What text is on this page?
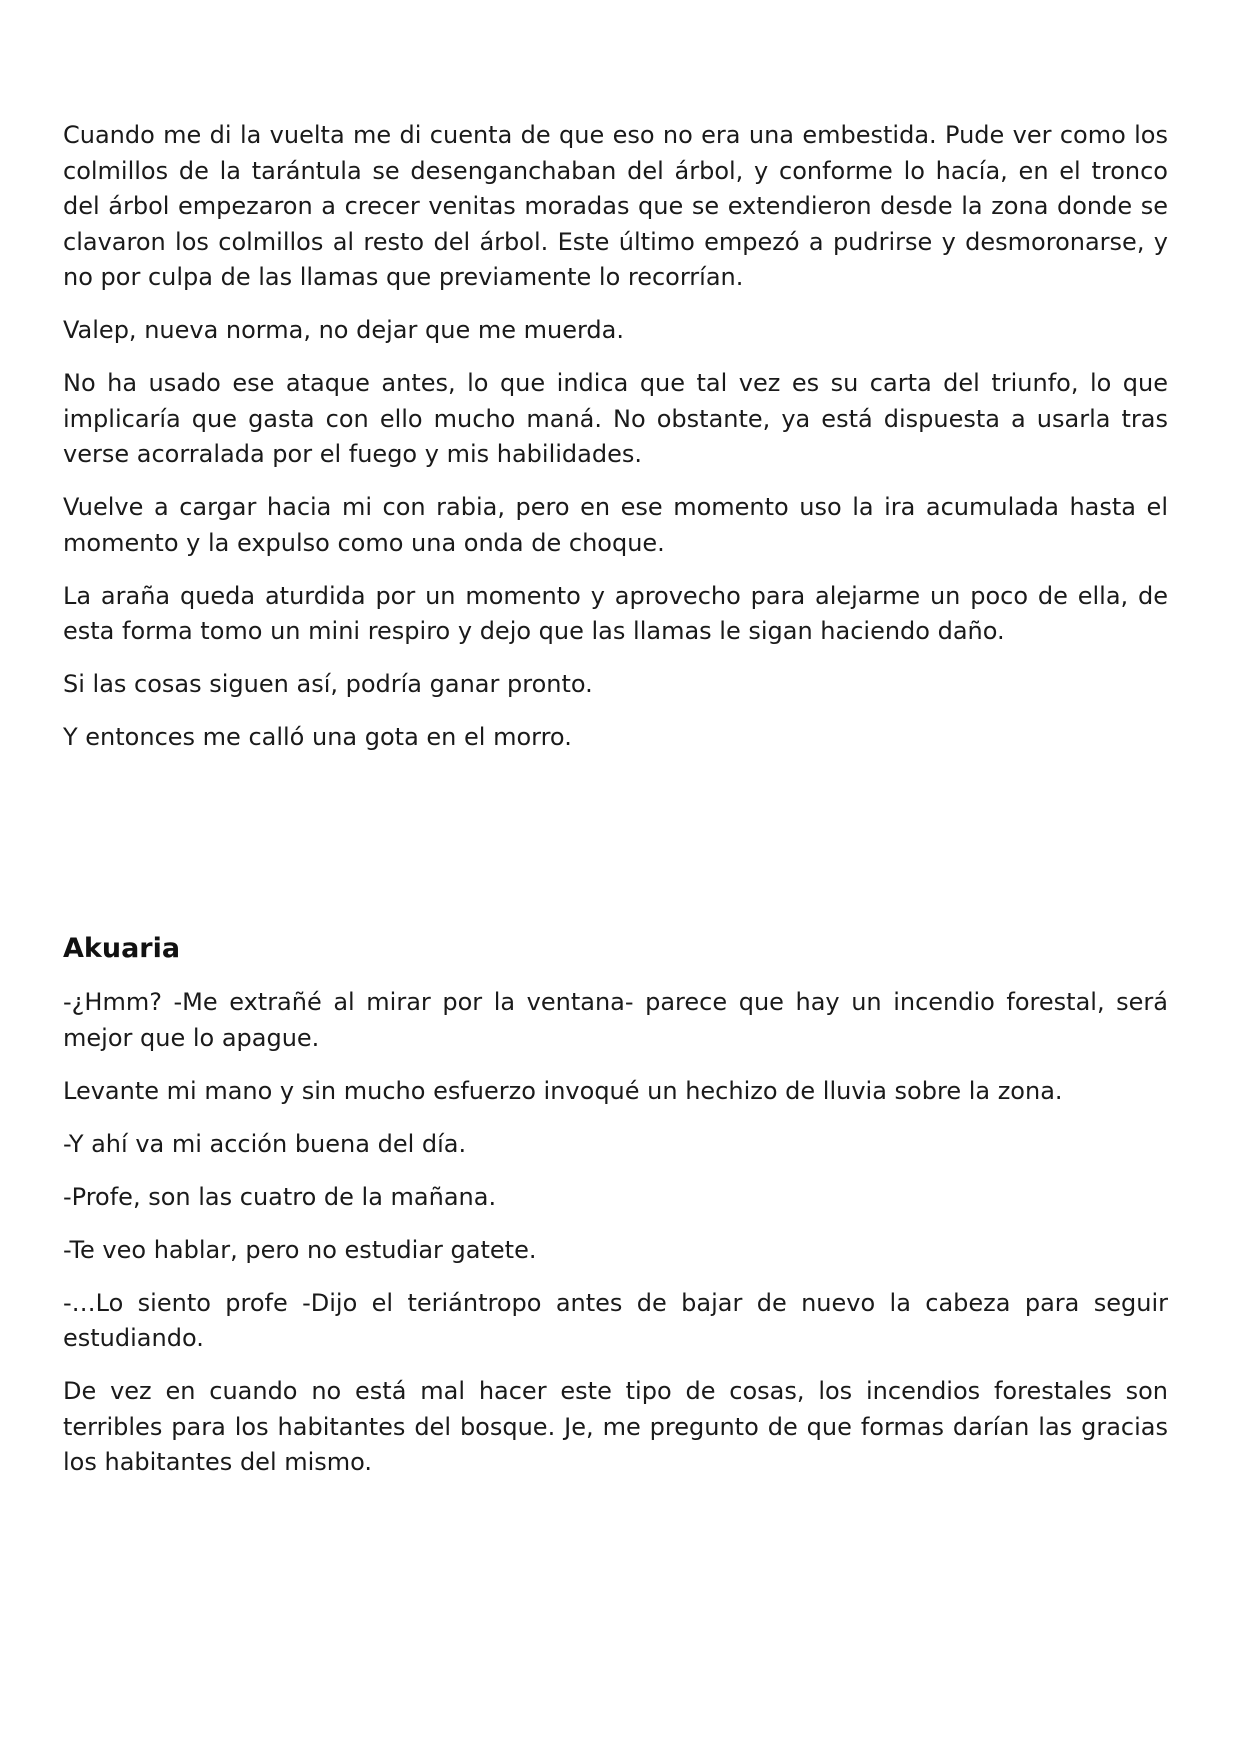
Cuando me di la vuelta me di cuenta de que eso no era una embestida. Pude ver como los colmillos de la tarántula se desenganchaban del árbol, y conforme lo hacía, en el tronco del árbol empezaron a crecer venitas moradas que se extendieron desde la zona donde se clavaron los colmillos al resto del árbol. Este último empezó a pudrirse y desmoronarse, y no por culpa de las llamas que previamente lo recorrían.

Valep, nueva norma, no dejar que me muerda.

No ha usado ese ataque antes, lo que indica que tal vez es su carta del triunfo, lo que implicaría que gasta con ello mucho maná. No obstante, ya está dispuesta a usarla tras verse acorralada por el fuego y mis habilidades.

Vuelve a cargar hacia mi con rabia, pero en ese momento uso la ira acumulada hasta el momento y la expulso como una onda de choque.

La araña queda aturdida por un momento y aprovecho para alejarme un poco de ella, de esta forma tomo un mini respiro y dejo que las llamas le sigan haciendo daño.

Si las cosas siguen así, podría ganar pronto.

Y entonces me calló una gota en el morro.

Akuaria

-¿Hmm? -Me extrañé al mirar por la ventana- parece que hay un incendio forestal, será mejor que lo apague.

Levante mi mano y sin mucho esfuerzo invoqué un hechizo de lluvia sobre la zona.

-Y ahí va mi acción buena del día.

-Profe, son las cuatro de la mañana.

-Te veo hablar, pero no estudiar gatete.

-…Lo siento profe -Dijo el teriántropo antes de bajar de nuevo la cabeza para seguir estudiando.

De vez en cuando no está mal hacer este tipo de cosas, los incendios forestales son terribles para los habitantes del bosque. Je, me pregunto de que formas darían las gracias los habitantes del mismo.
